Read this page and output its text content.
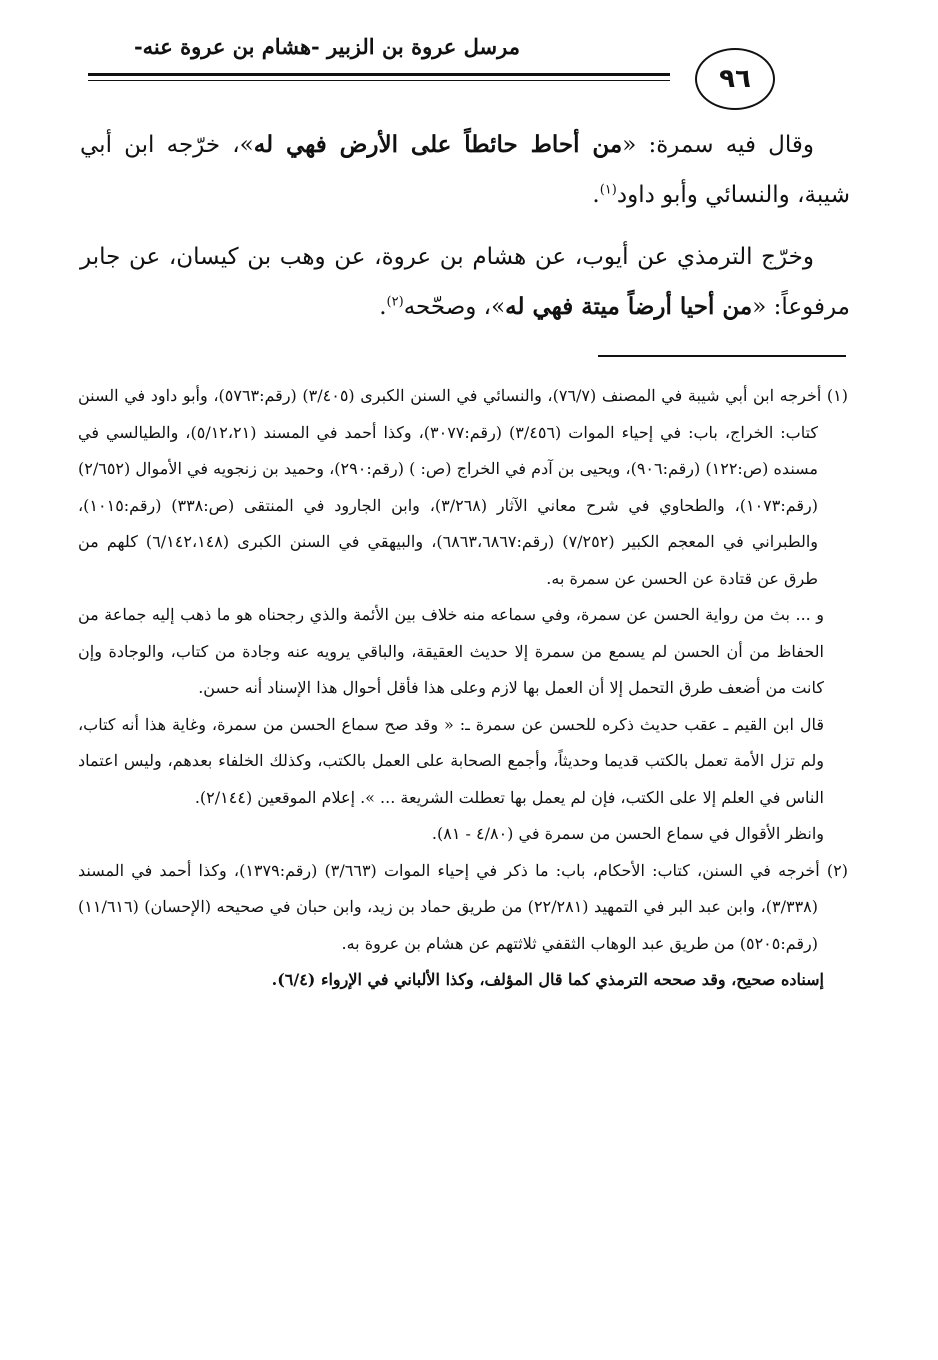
مرسل عروة بن الزبير -هشام بن عروة عنه-
٩٦

وقال فيه سمرة: «من أحاط حائطاً على الأرض فهي له»، خرّجه ابن أبي شيبة، والنسائي وأبو داود$^{(١)}$.

وخرّج الترمذي عن أيوب، عن هشام بن عروة، عن وهب بن كيسان، عن جابر مرفوعاً: «من أحيا أرضاً ميتة فهي له»، وصحّحه$^{(٢)}$.

(١) أخرجه ابن أبي شيبة في المصنف (٧٦/٧)، والنسائي في السنن الكبرى (٣/٤٠٥) (رقم:٥٧٦٣)، وأبو داود في السنن كتاب: الخراج، باب: في إحياء الموات (٣/٤٥٦) (رقم:٣٠٧٧)، وكذا أحمد في المسند (٥/١٢،٢١)، والطيالسي في مسنده (ص:١٢٢) (رقم:٩٠٦)، ويحيى بن آدم في الخراج (ص: ) (رقم:٢٩٠)، وحميد بن زنجويه في الأموال (٢/٦٥٢) (رقم:١٠٧٣)، والطحاوي في شرح معاني الآثار (٣/٢٦٨)، وابن الجارود في المنتقى (ص:٣٣٨) (رقم:١٠١٥)، والطبراني في المعجم الكبير (٧/٢٥٢) (رقم:٦٨٦٣،٦٨٦٧)، والبيهقي في السنن الكبرى (٦/١٤٢،١٤٨) كلهم من طرق عن قتادة عن الحسن عن سمرة به.

و ... بث من رواية الحسن عن سمرة، وفي سماعه منه خلاف بين الأئمة والذي رجحناه هو ما ذهب إليه جماعة من الحفاظ من أن الحسن لم يسمع من سمرة إلا حديث العقيقة، والباقي يرويه عنه وجادة من كتاب، والوجادة وإن كانت من أضعف طرق التحمل إلا أن العمل بها لازم وعلى هذا فأقل أحوال هذا الإسناد أنه حسن.

قال ابن القيم ـ عقب حديث ذكره للحسن عن سمرة ـ: « وقد صح سماع الحسن من سمرة، وغاية هذا أنه كتاب، ولم تزل الأمة تعمل بالكتب قديما وحديثاً، وأجمع الصحابة على العمل بالكتب، وكذلك الخلفاء بعدهم، وليس اعتماد الناس في العلم إلا على الكتب، فإن لم يعمل بها تعطلت الشريعة ... ». إعلام الموقعين (٢/١٤٤).

وانظر الأقوال في سماع الحسن من سمرة في (٤/٨٠ - ٨١).

(٢) أخرجه في السنن، كتاب: الأحكام، باب: ما ذكر في إحياء الموات (٣/٦٦٣) (رقم:١٣٧٩)، وكذا أحمد في المسند (٣/٣٣٨)، وابن عبد البر في التمهيد (٢٢/٢٨١) من طريق حماد بن زيد، وابن حبان في صحيحه (الإحسان) (١١/٦١٦) (رقم:٥٢٠٥) من طريق عبد الوهاب الثقفي ثلاثتهم عن هشام بن عروة به.

إسناده صحيح، وقد صححه الترمذي كما قال المؤلف، وكذا الألباني في الإرواء (٦/٤).
